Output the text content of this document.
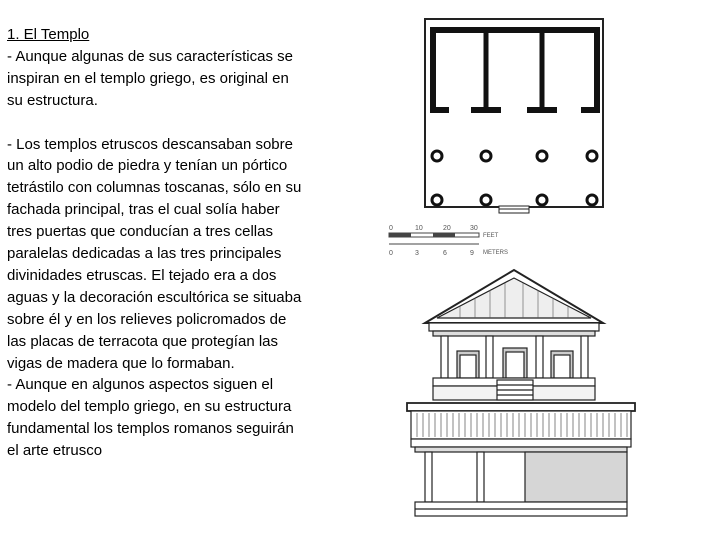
1. El Templo

- Aunque algunas de sus características se inspiran en el templo griego, es original en su estructura.

- Los templos etruscos descansaban sobre un alto podio de piedra y tenían un pórtico tetrástilo con columnas toscanas, sólo en su fachada principal, tras el cual solía haber tres puertas que conducían a tres cellas paralelas dedicadas a las tres principales divinidades etruscas. El tejado era a dos aguas y la decoración escultórica se situaba sobre él y en los relieves policromados de las placas de terracota que protegían las vigas de madera que lo formaban.

- Aunque en algunos aspectos siguen el modelo del templo griego, en su estructura fundamental los templos romanos seguirán el arte etrusco

0	10	20	30
FEET
0	3	6	9 METERS
